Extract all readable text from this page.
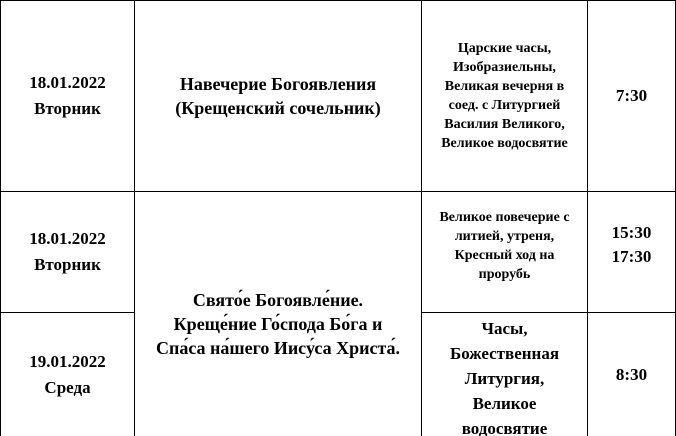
18.01.2022
Вторник
Навечерие Богоявления
(Крещенский сочельник)
Царские часы,
Изобразиельны,
Великая вечерня в
соед. с Литургией
Василия Великого,
Великое водосвятие
7:30
18.01.2022
Вторник
Великое повечерие с
литией, утреня,
Кресный ход на
прорубь
15:30
17:30
Свято́е Богоявле́ние.
Креще́ние Го́спода Бо́га и
Спа́са на́шего Иису́са Христа́.
19.01.2022
Среда
Часы,
Божественная
Литургия,
Великое
водосвятие
8:30
